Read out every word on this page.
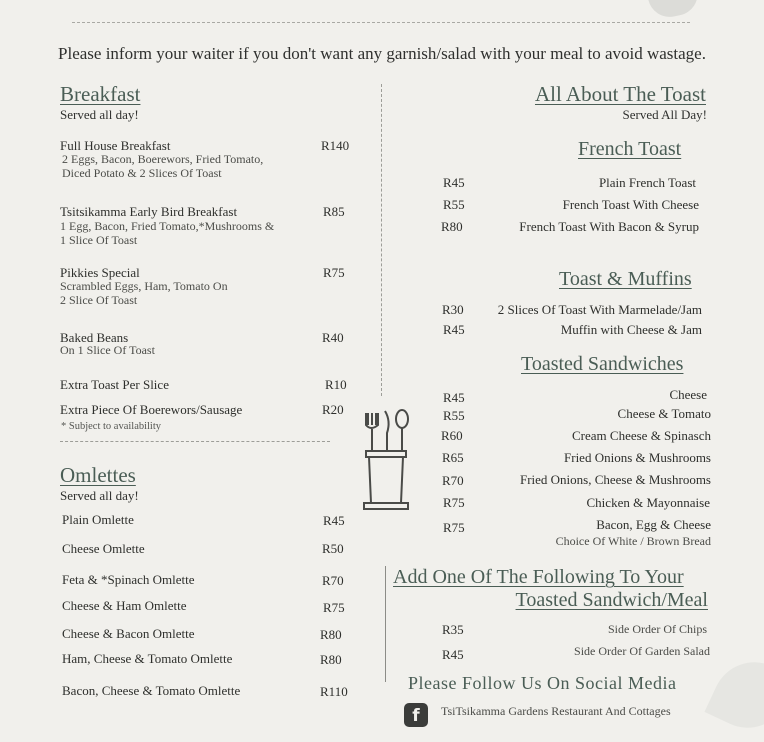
Please inform your waiter if you don't want any garnish/salad with your meal to avoid wastage.
Breakfast
Served all day!
Full House Breakfast
2 Eggs, Bacon, Boerewors, Fried Tomato,
Diced Potato & 2 Slices Of Toast
R140
Tsitsikamma Early Bird Breakfast
1 Egg, Bacon, Fried Tomato,*Mushrooms &
1 Slice Of Toast
R85
Pikkies Special
Scrambled Eggs, Ham, Tomato On
2 Slice Of Toast
R75
Baked Beans
On 1 Slice Of Toast
R40
Extra Toast Per Slice	R10
Extra Piece Of Boerewors/Sausage	R20
* Subject to availability
Omlettes
Served all day!
Plain Omlette	R45
Cheese Omlette	R50
Feta & *Spinach Omlette	R70
Cheese & Ham Omlette	R75
Cheese & Bacon Omlette	R80
Ham, Cheese & Tomato Omlette	R80
Bacon, Cheese & Tomato Omlette	R110
All About The Toast
Served All Day!
French Toast
R45	Plain French Toast
R55	French Toast With Cheese
R80	French Toast With Bacon & Syrup
Toast & Muffins
R30	2 Slices Of Toast With Marmelade/Jam
R45	Muffin with Cheese & Jam
Toasted Sandwiches
R45	Cheese
R55	Cheese & Tomato
R60	Cream Cheese & Spinasch
R65	Fried Onions & Mushrooms
R70	Fried Onions, Cheese & Mushrooms
R75	Chicken & Mayonnaise
R75	Bacon, Egg & Cheese
Choice Of White / Brown Bread
Add One Of The Following To Your
Toasted Sandwich/Meal
R35	Side Order Of Chips
R45	Side Order Of Garden Salad
Please Follow Us On Social Media
f	TsiTsikamma Gardens Restaurant And Cottages
